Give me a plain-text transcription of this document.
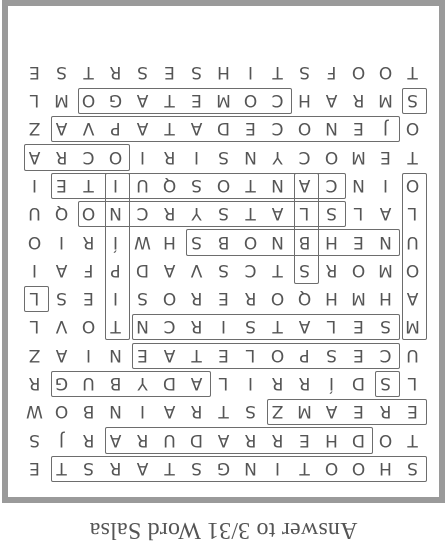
S
H
O
O
T
I
N
G
S
T
A
R
S
T
E
T
O
D
H
E
R
R
A
D
U
R
A
R
J
S
E
R
E
A
M
Z
S
T
R
A
I
N
B
O
W
L
S
D
Í
R
R
I
L
A
D
Y
B
U
G
R
U
C
E
S
P
O
L
E
T
A
E
N
I
A
Z
M
S
E
L
A
T
S
I
R
C
N
T
O
V
L
A
H
M
H
Q
O
R
E
R
O
S
I
E
S
L
O
M
O
R
S
T
C
S
V
A
D
P
F
A
I
U
N
E
H
B
N
O
B
S
H
W
Í
R
I
O
L
A
L
S
L
A
T
S
Y
R
C
N
O
Q
U
O
I
N
C
A
N
T
O
S
Q
U
I
T
E
I
T
E
M
O
C
Y
N
S
I
R
I
O
C
R
A
O
J
E
N
O
C
E
D
A
T
A
P
V
A
Z
S
M
R
A
H
C
O
M
E
T
A
G
O
M
L
T
O
O
F
S
T
I
H
S
E
S
R
T
S
E
Answer to 3/31 Word Salsa
